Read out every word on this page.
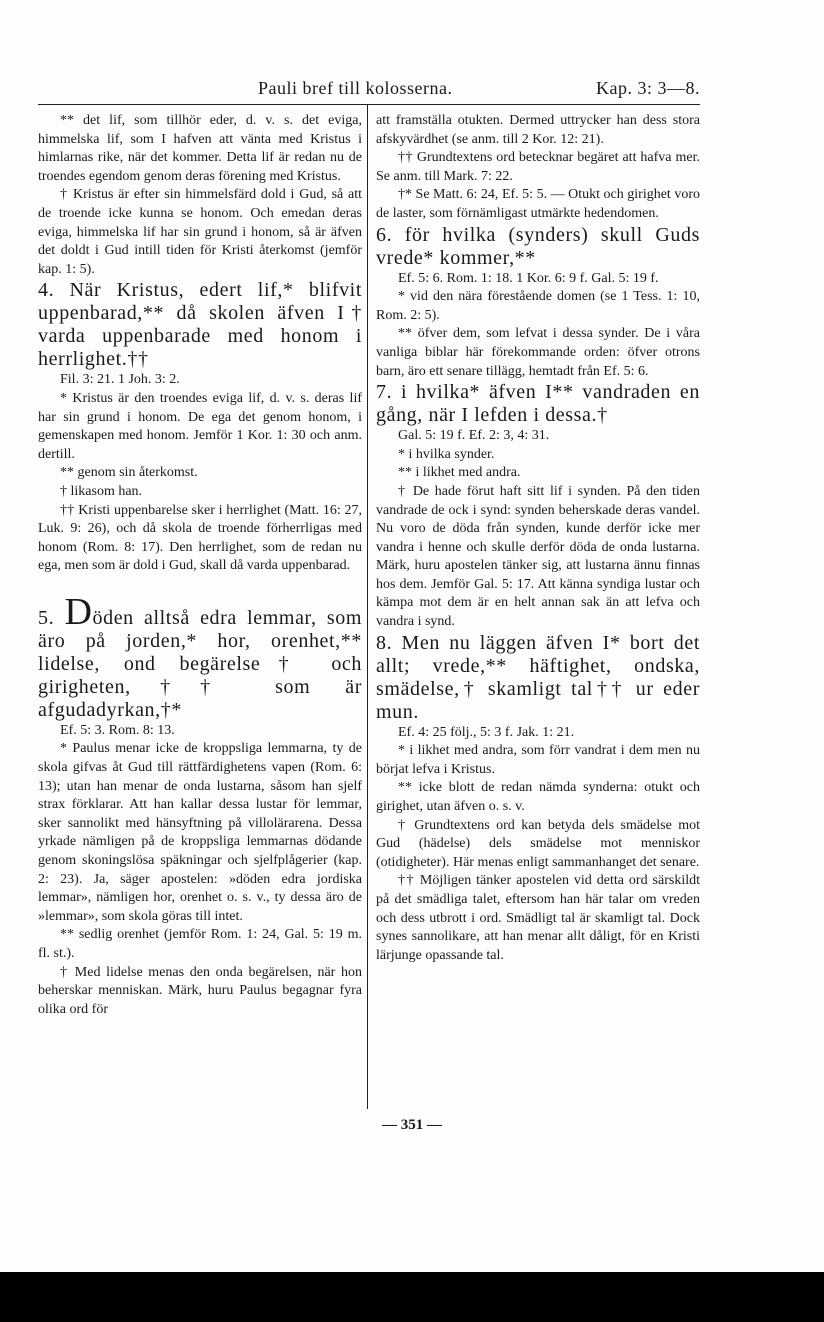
Pauli bref till kolosserna.	Kap. 3: 3—8.

** det lif, som tillhör eder, d. v. s. det eviga, himmelska lif, som I hafven att vänta med Kristus i himlarnas rike, när det kommer. Detta lif är redan nu de troendes egendom genom deras förening med Kristus.

† Kristus är efter sin himmelsfärd dold i Gud, så att de troende icke kunna se honom. Och emedan deras eviga, himmelska lif har sin grund i honom, så är äfven det doldt i Gud intill tiden för Kristi återkomst (jemför kap. 1: 5).

4. När Kristus, edert lif,* blifvit uppenbarad,** då skolen äfven I† varda uppenbarade med honom i herrlighet.††

Fil. 3: 21. 1 Joh. 3: 2.

* Kristus är den troendes eviga lif, d. v. s. deras lif har sin grund i honom. De ega det genom honom, i gemenskapen med honom. Jemför 1 Kor. 1: 30 och anm. dertill.

** genom sin återkomst.

† likasom han.

†† Kristi uppenbarelse sker i herrlighet (Matt. 16: 27, Luk. 9: 26), och då skola de troende förherrligas med honom (Rom. 8: 17). Den herrlighet, som de redan nu ega, men som är dold i Gud, skall då varda uppenbarad.

5. Döden alltså edra lemmar, som äro på jorden,* hor, orenhet,** lidelse, ond begärelse† och girigheten,†† som är afgudadyrkan,†*

Ef. 5: 3. Rom. 8: 13.

* Paulus menar icke de kroppsliga lemmarna, ty de skola gifvas åt Gud till rättfärdighetens vapen (Rom. 6: 13); utan han menar de onda lustarna, såsom han sjelf strax förklarar. Att han kallar dessa lustar för lemmar, sker sannolikt med hänsyftning på villolärarena. Dessa yrkade nämligen på de kroppsliga lemmarnas dödande genom skoningslösa späkningar och sjelfplågerier (kap. 2: 23). Ja, säger apostelen: »döden edra jordiska lemmar», nämligen hor, orenhet o. s. v., ty dessa äro de »lemmar», som skola göras till intet.

** sedlig orenhet (jemför Rom. 1: 24, Gal. 5: 19 m. fl. st.).

† Med lidelse menas den onda begärelsen, när hon beherskar menniskan. Märk, huru Paulus begagnar fyra olika ord för

att framställa otukten. Dermed uttrycker han dess stora afskyvärdhet (se anm. till 2 Kor. 12: 21).

†† Grundtextens ord betecknar begäret att hafva mer. Se anm. till Mark. 7: 22.

†* Se Matt. 6: 24, Ef. 5: 5. — Otukt och girighet voro de laster, som förnämligast utmärkte hedendomen.

6. för hvilka (synders) skull Guds vrede* kommer,**

Ef. 5: 6. Rom. 1: 18. 1 Kor. 6: 9 f. Gal. 5: 19 f.

* vid den nära förestående domen (se 1 Tess. 1: 10, Rom. 2: 5).

** öfver dem, som lefvat i dessa synder. De i våra vanliga biblar här förekommande orden: öfver otrons barn, äro ett senare tillägg, hemtadt från Ef. 5: 6.

7. i hvilka* äfven I** vandraden en gång, när I lefden i dessa.†

Gal. 5: 19 f. Ef. 2: 3, 4: 31.

* i hvilka synder.

** i likhet med andra.

† De hade förut haft sitt lif i synden. På den tiden vandrade de ock i synd: synden beherskade deras vandel. Nu voro de döda från synden, kunde derför icke mer vandra i henne och skulle derför döda de onda lustarna. Märk, huru apostelen tänker sig, att lustarna ännu finnas hos dem. Jemför Gal. 5: 17. Att känna syndiga lustar och kämpa mot dem är en helt annan sak än att lefva och vandra i synd.

8. Men nu läggen äfven I* bort det allt; vrede,** häftighet, ondska, smädelse,† skamligt tal†† ur eder mun.

Ef. 4: 25 följ., 5: 3 f. Jak. 1: 21.

* i likhet med andra, som förr vandrat i dem men nu börjat lefva i Kristus.

** icke blott de redan nämda synderna: otukt och girighet, utan äfven o. s. v.

† Grundtextens ord kan betyda dels smädelse mot Gud (hädelse) dels smädelse mot menniskor (otidigheter). Här menas enligt sammanhanget det senare.

†† Möjligen tänker apostelen vid detta ord särskildt på det smädliga talet, eftersom han här talar om vreden och dess utbrott i ord. Smädligt tal är skamligt tal. Dock synes sannolikare, att han menar allt dåligt, för en Kristi lärjunge opassande tal.

— 351 —
